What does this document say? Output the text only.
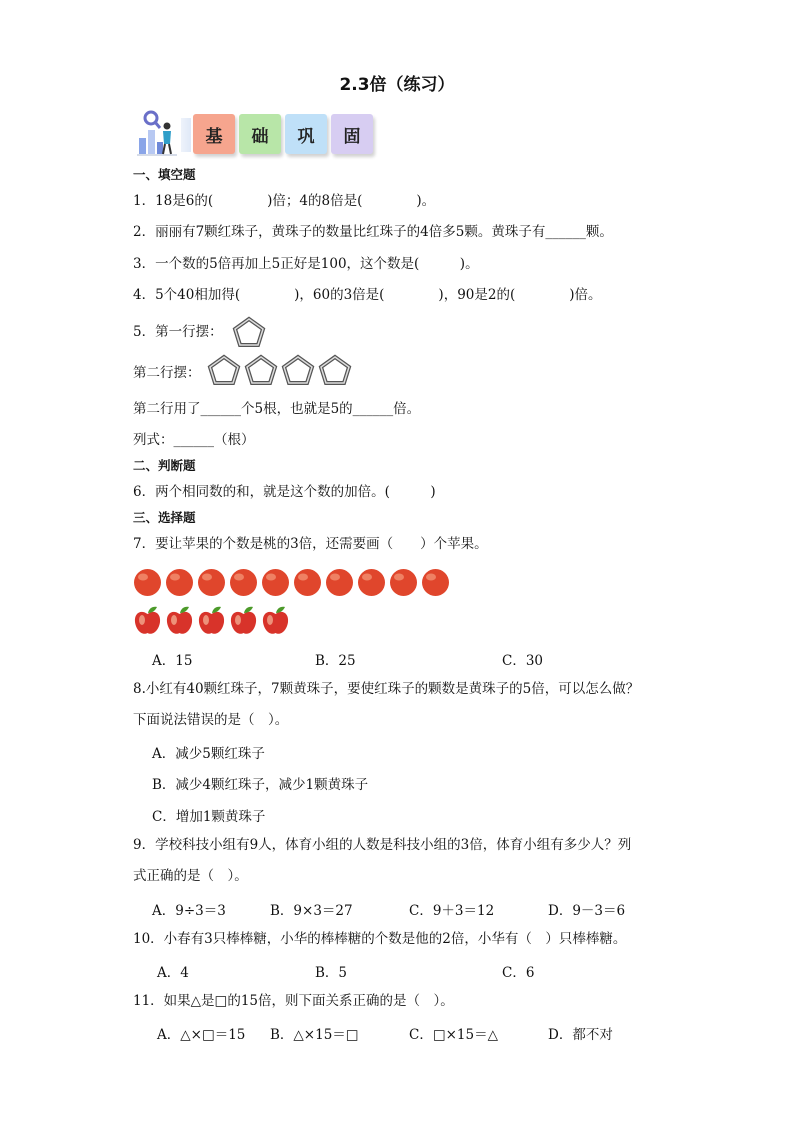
2.3倍（练习）
基	础	巩	固
一、填空题
1．18是6的(　　　　)倍；4的8倍是(　　　　)。
2．丽丽有7颗红珠子，黄珠子的数量比红珠子的4倍多5颗。黄珠子有______颗。
3．一个数的5倍再加上5正好是100，这个数是(　　　)。
4．5个40相加得(　　　　)，60的3倍是(　　　　)，90是2的(　　　　)倍。
5．第一行摆：
第二行摆：
第二行用了______个5根，也就是5的______倍。
列式：______（根）
二、判断题
6．两个相同数的和，就是这个数的加倍。(　　　)
三、选择题
7．要让苹果的个数是桃的3倍，还需要画（　　）个苹果。
A．15	B．25	C．30
8.小红有40颗红珠子，7颗黄珠子，要使红珠子的颗数是黄珠子的5倍，可以怎么做？
下面说法错误的是（　）。
A．减少5颗红珠子
B．减少4颗红珠子，减少1颗黄珠子
C．增加1颗黄珠子
9．学校科技小组有9人，体育小组的人数是科技小组的3倍，体育小组有多少人？列
式正确的是（　）。
A．9÷3＝3	B．9×3＝27	C．9＋3＝12	D．9－3＝6
10．小春有3只棒棒糖，小华的棒棒糖的个数是他的2倍，小华有（　）只棒棒糖。
A．4	B．5	C．6
11．如果△是□的15倍，则下面关系正确的是（　）。
A．△×□＝15 B．△×15＝□	C．□×15＝△	D．都不对
